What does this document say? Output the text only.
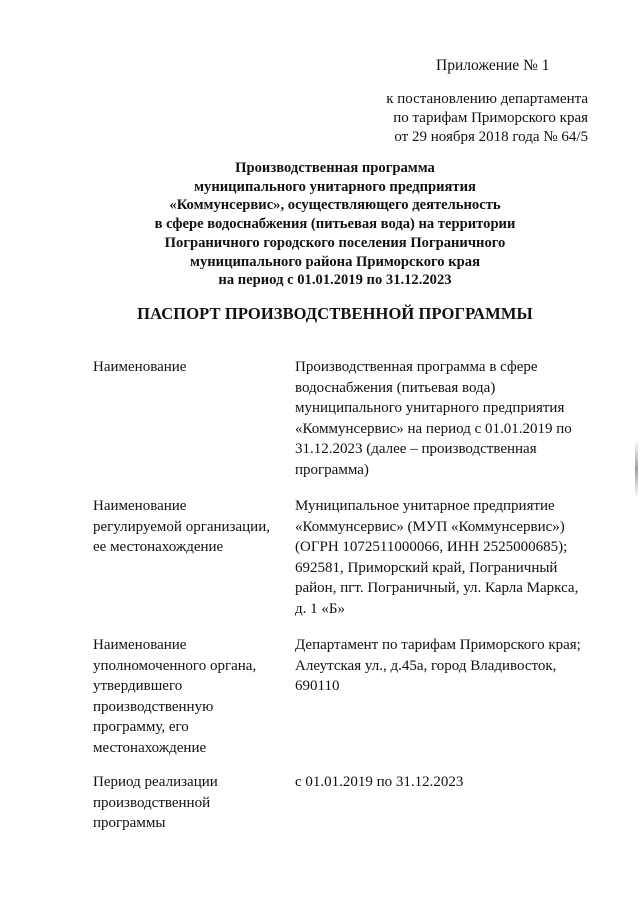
Приложение № 1
к постановлению департамента
по тарифам Приморского края
от 29 ноября 2018 года № 64/5
Производственная программа
муниципального унитарного предприятия
«Коммунсервис», осуществляющего деятельность
в сфере водоснабжения (питьевая вода) на территории
Пограничного городского поселения Пограничного
муниципального района Приморского края
на период с 01.01.2019 по 31.12.2023
ПАСПОРТ ПРОИЗВОДСТВЕННОЙ ПРОГРАММЫ
Наименование	Производственная программа в сфере
водоснабжения (питьевая вода)
муниципального унитарного предприятия
«Коммунсервис» на период с 01.01.2019 по
31.12.2023 (далее – производственная
программа)
Наименование
регулируемой организации,
ее местонахождение
Муниципальное унитарное предприятие
«Коммунсервис» (МУП «Коммунсервис»)
(ОГРН 1072511000066, ИНН 2525000685);
692581, Приморский край, Пограничный
район, пгт. Пограничный, ул. Карла Маркса,
д. 1 «Б»
Наименование
уполномоченного органа,
утвердившего
производственную
программу, его
местонахождение
Департамент по тарифам Приморского края;
Алеутская ул., д.45а, город Владивосток,
690110
Период реализации
производственной
программы
с 01.01.2019 по 31.12.2023
